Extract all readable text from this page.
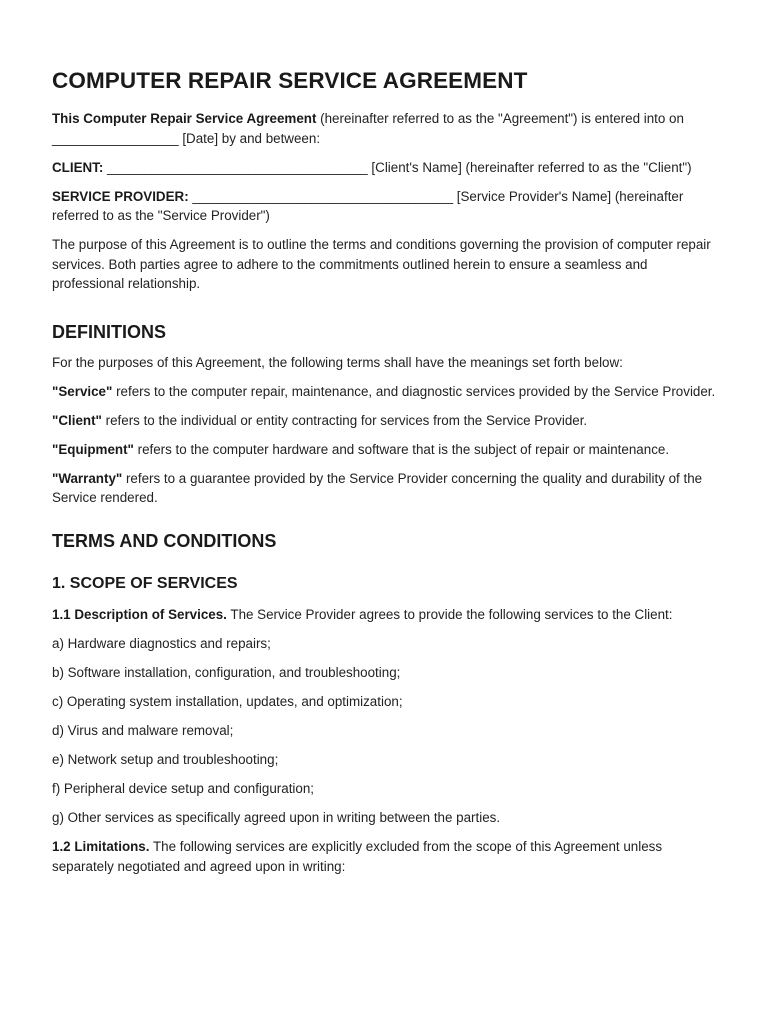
COMPUTER REPAIR SERVICE AGREEMENT

This Computer Repair Service Agreement (hereinafter referred to as the "Agreement") is entered into on _________________ [Date] by and between:

CLIENT: ___________________________________ [Client's Name] (hereinafter referred to as the "Client")

SERVICE PROVIDER: ___________________________________ [Service Provider's Name] (hereinafter referred to as the "Service Provider")

The purpose of this Agreement is to outline the terms and conditions governing the provision of computer repair services. Both parties agree to adhere to the commitments outlined herein to ensure a seamless and professional relationship.

DEFINITIONS

For the purposes of this Agreement, the following terms shall have the meanings set forth below:

"Service" refers to the computer repair, maintenance, and diagnostic services provided by the Service Provider.

"Client" refers to the individual or entity contracting for services from the Service Provider.

"Equipment" refers to the computer hardware and software that is the subject of repair or maintenance.

"Warranty" refers to a guarantee provided by the Service Provider concerning the quality and durability of the Service rendered.

TERMS AND CONDITIONS
1. SCOPE OF SERVICES

1.1 Description of Services. The Service Provider agrees to provide the following services to the Client:

a) Hardware diagnostics and repairs;

b) Software installation, configuration, and troubleshooting;

c) Operating system installation, updates, and optimization;

d) Virus and malware removal;

e) Network setup and troubleshooting;

f) Peripheral device setup and configuration;

g) Other services as specifically agreed upon in writing between the parties.

1.2 Limitations. The following services are explicitly excluded from the scope of this Agreement unless separately negotiated and agreed upon in writing:
